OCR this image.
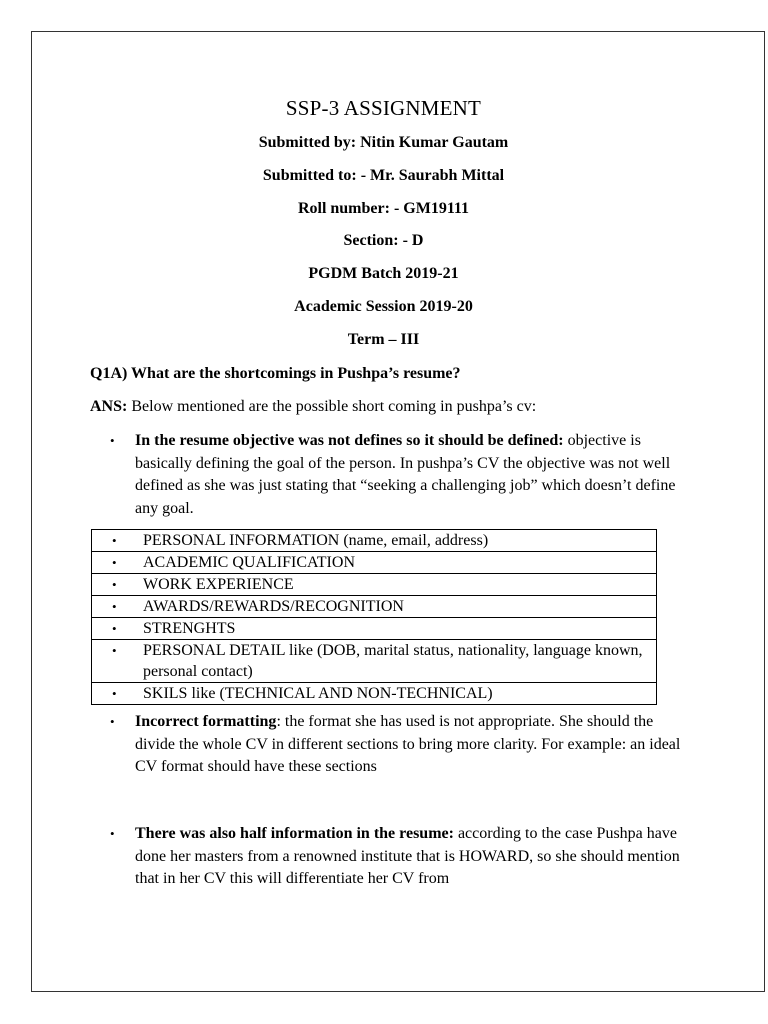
SSP-3 ASSIGNMENT
Submitted by: Nitin Kumar Gautam
Submitted to: - Mr. Saurabh Mittal
Roll number: - GM19111
Section: - D
PGDM Batch 2019-21
Academic Session 2019-20
Term – III
Q1A) What are the shortcomings in Pushpa’s resume?
ANS: Below mentioned are the possible short coming in pushpa’s cv:
• In the resume objective was not defines so it should be defined: objective is basically defining the goal of the person. In pushpa’s CV the objective was not well defined as she was just stating that “seeking a challenging job” which doesn’t define any goal.
• PERSONAL INFORMATION (name, email, address)

• ACADEMIC QUALIFICATION

• WORK EXPERIENCE

• AWARDS/REWARDS/RECOGNITION

• STRENGHTS

• PERSONAL DETAIL like (DOB, marital status, nationality, language known, personal contact)

• SKILS like (TECHNICAL AND NON-TECHNICAL)
• Incorrect formatting: the format she has used is not appropriate. She should the divide the whole CV in different sections to bring more clarity. For example: an ideal CV format should have these sections
• There was also half information in the resume: according to the case Pushpa have done her masters from a renowned institute that is HOWARD, so she should mention that in her CV this will differentiate her CV from
